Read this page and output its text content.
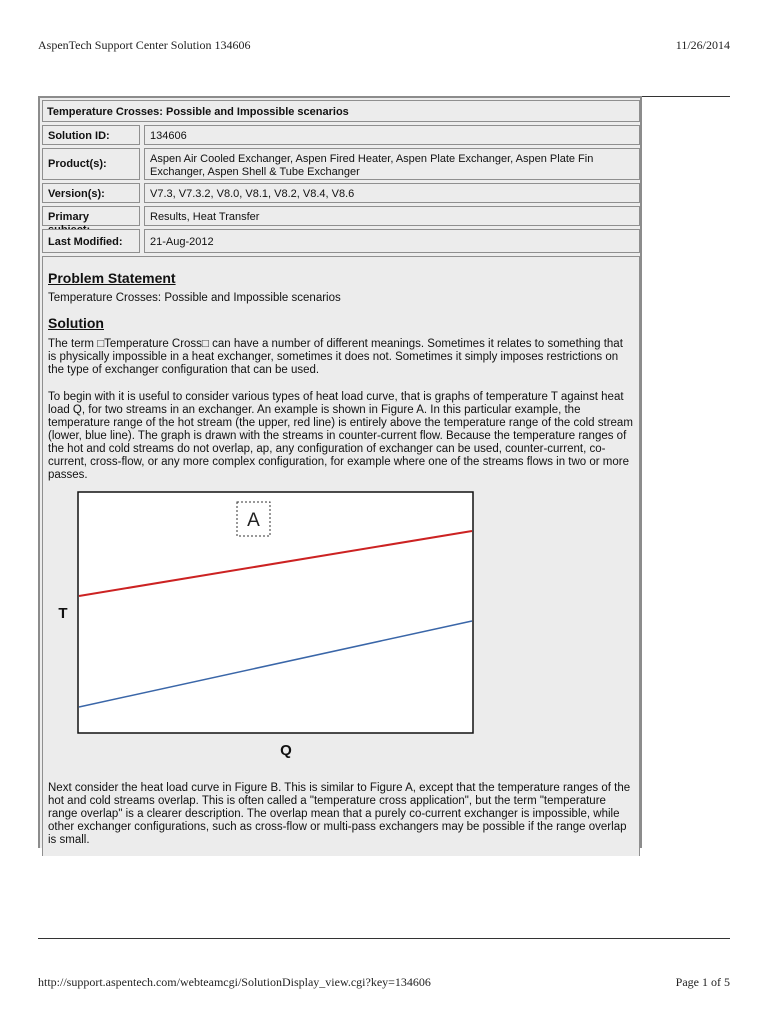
AspenTech Support Center Solution 134606	11/26/2014
Temperature Crosses: Possible and Impossible scenarios
Solution ID:	134606
Product(s):	Aspen Air Cooled Exchanger, Aspen Fired Heater, Aspen Plate Exchanger, Aspen Plate Fin Exchanger, Aspen Shell & Tube Exchanger
Version(s):	V7.3, V7.3.2, V8.0, V8.1, V8.2, V8.4, V8.6
Primary	Results, Heat Transfer
Last Modified:	21-Aug-2012
Problem Statement

Temperature Crosses: Possible and Impossible scenarios

Solution

The term □Temperature Cross□ can have a number of different meanings. Sometimes it relates to something that is physically impossible in a heat exchanger, sometimes it does not. Sometimes it simply imposes restrictions on the type of exchanger configuration that can be used.

To begin with it is useful to consider various types of heat load curve, that is graphs of temperature T against heat load Q, for two streams in an exchanger. An example is shown in Figure A. In this particular example, the temperature range of the hot stream (the upper, red line) is entirely above the temperature range of the cold stream (lower, blue line). The graph is drawn with the streams in counter-current flow. Because the temperature ranges of the hot and cold streams do not overlap, ap, any configuration of exchanger can be used, counter-current, co-current, cross-flow, or any more complex configuration, for example where one of the streams flows in two or more passes.

A
T
Q

Next consider the heat load curve in Figure B. This is similar to Figure A, except that the temperature ranges of the hot and cold streams overlap. This is often called a "temperature cross application", but the term "temperature range overlap" is a clearer description. The overlap mean that a purely co-current exchanger is impossible, while other exchanger configurations, such as cross-flow or multi-pass exchangers may be possible if the range overlap is small.

http://support.aspentech.com/webteamcgi/SolutionDisplay_view.cgi?key=134606	Page 1 of 5
